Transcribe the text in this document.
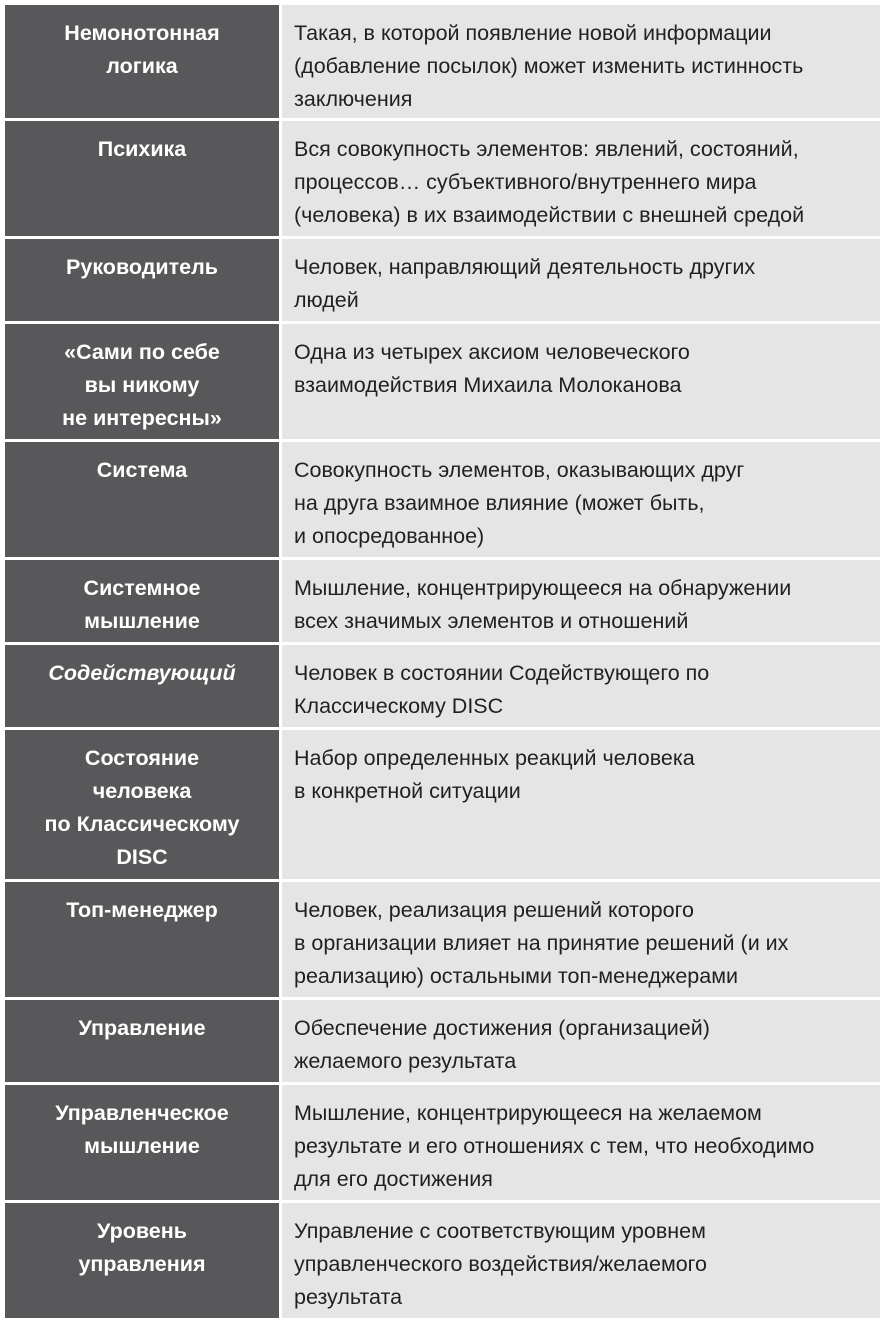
Немонотонная
логика	Такая, в которой появление новой информации
(добавление посылок) может изменить истинность
заключения

Психика	Вся совокупность элементов: явлений, состояний,
процессов… субъективного/внутреннего мира
(человека) в их взаимодействии с внешней средой

Руководитель	Человек, направляющий деятельность других
людей

«Сами по себе
вы никому
не интересны»	Одна из четырех аксиом человеческого
взаимодействия Михаила Молоканова

Система	Совокупность элементов, оказывающих друг
на друга взаимное влияние (может быть,
и опосредованное)

Системное
мышление	Мышление, концентрирующееся на обнаружении
всех значимых элементов и отношений

Содействующий	Человек в состоянии Содействующего по
Классическому DISC

Состояние
человека
по Классическому
DISC	Набор определенных реакций человека
в конкретной ситуации

Топ-менеджер	Человек, реализация решений которого
в организации влияет на принятие решений (и их
реализацию) остальными топ-менеджерами

Управление	Обеспечение достижения (организацией)
желаемого результата

Управленческое
мышление	Мышление, концентрирующееся на желаемом
результате и его отношениях с тем, что необходимо
для его достижения

Уровень
управления	Управление с соответствующим уровнем
управленческого воздействия/желаемого
результата
